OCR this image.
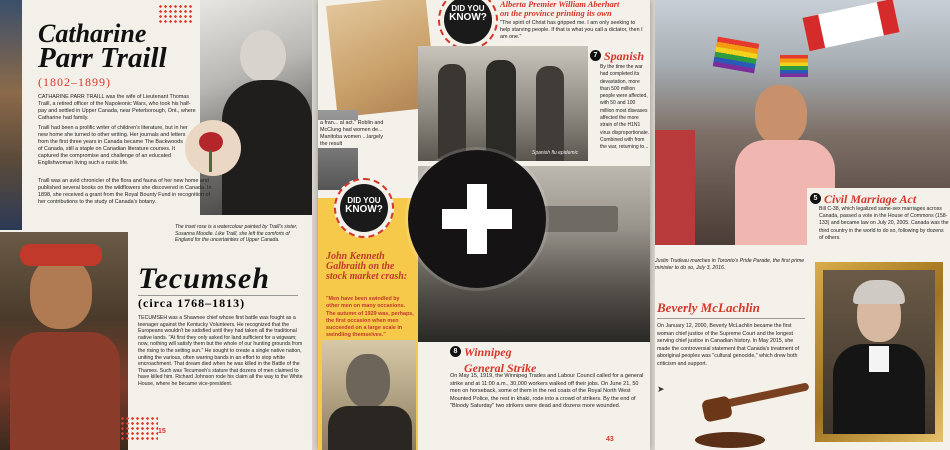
Catharine
Parr Traill
(1802–1899)
CATHARINE PARR TRAILL was the wife of Lieutenant Thomas Traill, a retired officer of the Napoleonic Wars, who took his half-pay and settled in Upper Canada, near Peterborough, Ont., where Catharine had family.
Traill had been a prolific writer of children's literature, but in her new home she turned to other writing. Her journals and letters from the first three years in Canada became The Backwoods of Canada, still a staple on Canadian literature courses. It captured the compromise and challenge of an educated Englishwoman living such a rustic life.
Traill was an avid chronicler of the flora and fauna of her new home and published several books on the wildflowers she discovered in Canada. In 1898, she received a grant from the Royal Bounty Fund in recognition of her contributions to the study of Canada's botany.
The inset rose is a watercolour painted by Traill's sister, Susanna Moodie. Like Traill, she left the comforts of England for the uncertainties of Upper Canada.
Tecumseh
(circa 1768–1813)
TECUMSEH was a Shawnee chief whose first battle was fought as a teenager against the Kentucky Volunteers. He recognized that the Europeans wouldn't be satisfied until they had taken all the traditional native lands. "At first they only asked for land sufficient for a wigwam; now, nothing will satisfy them but the whole of our hunting grounds from the rising to the setting sun." He sought to create a single native nation, uniting the various, often warring bands in an effort to stop white encroachment. That dream died when he was killed in the Battle of the Thames. Such was Tecumseh's stature that dozens of men claimed to have killed him. Richard Johnson rode his claim all the way to the White House, where he became vice-president.
15
a fran... al act." Roblin and McClung had women de... Manitoba women ...largely the result
DID YOU
KNOW?
Alberta Premier William Aberhart
on the province printing its own
"The spirit of Christ has gripped me. I am only seeking to help starving people. If that is what you call a dictator, then I am one."
Spanish flu epidemic
7 Spanish
By the time the war had completed its devastation, more than 500 million people were affected, with 50 and 100 million most diseases affected the more strain of the H1N1 virus disproportionate. Combined with from the war, returning to...
DID YOU
KNOW?
John Kenneth Galbraith on the stock market crash:
"Men have been swindled by other men on many occasions. The autumn of 1929 was, perhaps, the first occasion when men succeeded on a large scale in swindling themselves."
8 Winnipeg
General Strike
On May 15, 1919, the Winnipeg Trades and Labour Council called for a general strike and at 11:00 a.m., 30,000 workers walked off their jobs. On June 21, 50 men on horseback, some of them in the red coats of the Royal North West Mounted Police, the rest in khaki, rode into a crowd of strikers. By the end of "Bloody Saturday" two strikers were dead and dozens more wounded.
43
5 Civil Marriage Act
Bill C-38, which legalized same-sex marriages across Canada, passed a vote in the House of Commons (158-133) and became law on July 20, 2005. Canada was the third country in the world to do so, following by dozens of others.
Justin Trudeau marches in Toronto's Pride Parade, the first prime minister to do so, July 3, 2016.
Beverly McLachlin
On January 12, 2000, Beverly McLachlin became the first woman chief justice of the Supreme Court and the longest serving chief justice in Canadian history. In May 2015, she made the controversial statement that Canada's treatment of aboriginal peoples was "cultural genocide," which drew both criticism and support.
➤
